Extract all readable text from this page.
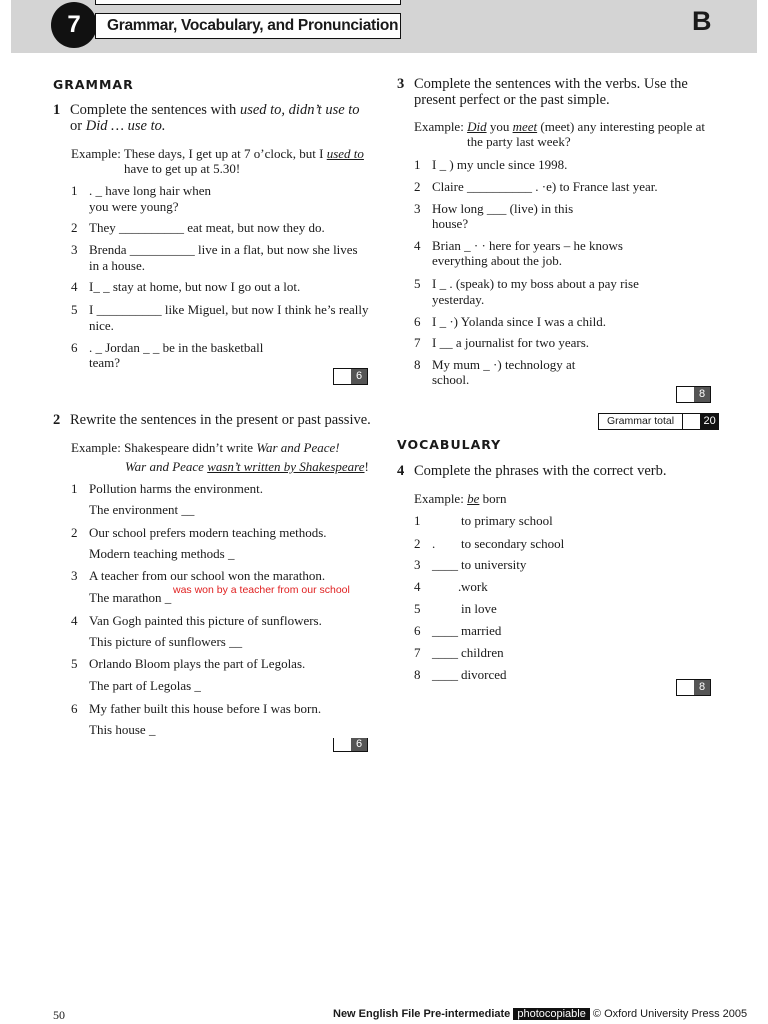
7	Grammar, Vocabulary, and Pronunciation	B
GRAMMAR
1 Complete the sentences with used to, didn’t use to or Did … use to.
Example: These days, I get up at 7 o’clock, but I used to
have to get up at 5.30!
1 . _ have long hair when
you were young?
2 They __________ eat meat, but now they do.
3 Brenda __________ live in a flat, but now she lives
in a house.
4 I_ _ stay at home, but now I go out a lot.
5 I __________ like Miguel, but now I think he’s really
nice.
6 . _ Jordan _ _ be in the basketball
team?
6
2 Rewrite the sentences in the present or past passive.
Example: Shakespeare didn’t write War and Peace!
War and Peace wasn’t written by Shakespeare!
1 Pollution harms the environment.
The environment __
2 Our school prefers modern teaching methods.
Modern teaching methods _
3 A teacher from our school won the marathon.
The marathon _ was won by a teacher from our school
4 Van Gogh painted this picture of sunflowers.
This picture of sunflowers __
5 Orlando Bloom plays the part of Legolas.
The part of Legolas _
6 My father built this house before I was born.
This house _
6
3 Complete the sentences with the verbs. Use the
present perfect or the past simple.
Example: Did you meet (meet) any interesting people at
the party last week?
1 I _ ) my uncle since 1998.
2 Claire __________ . ·e) to France last year.
3 How long ___ (live) in this
house?
4 Brian _ · · here for years – he knows
everything about the job.
5 I _ . (speak) to my boss about a pay rise
yesterday.
6 I _ ·) Yolanda since I was a child.
7 I __ a journalist for two years.
8 My mum _ ·) technology at
school.
8
Grammar total	20
VOCABULARY
4 Complete the phrases with the correct verb.
Example: be born
1	to primary school
2 . to secondary school
3 ____ to university
4	. work
5	in love
6 ____ married
7 ____ children
8 ____ divorced
8
50	New English File Pre-intermediate photocopiable © Oxford University Press 2005
